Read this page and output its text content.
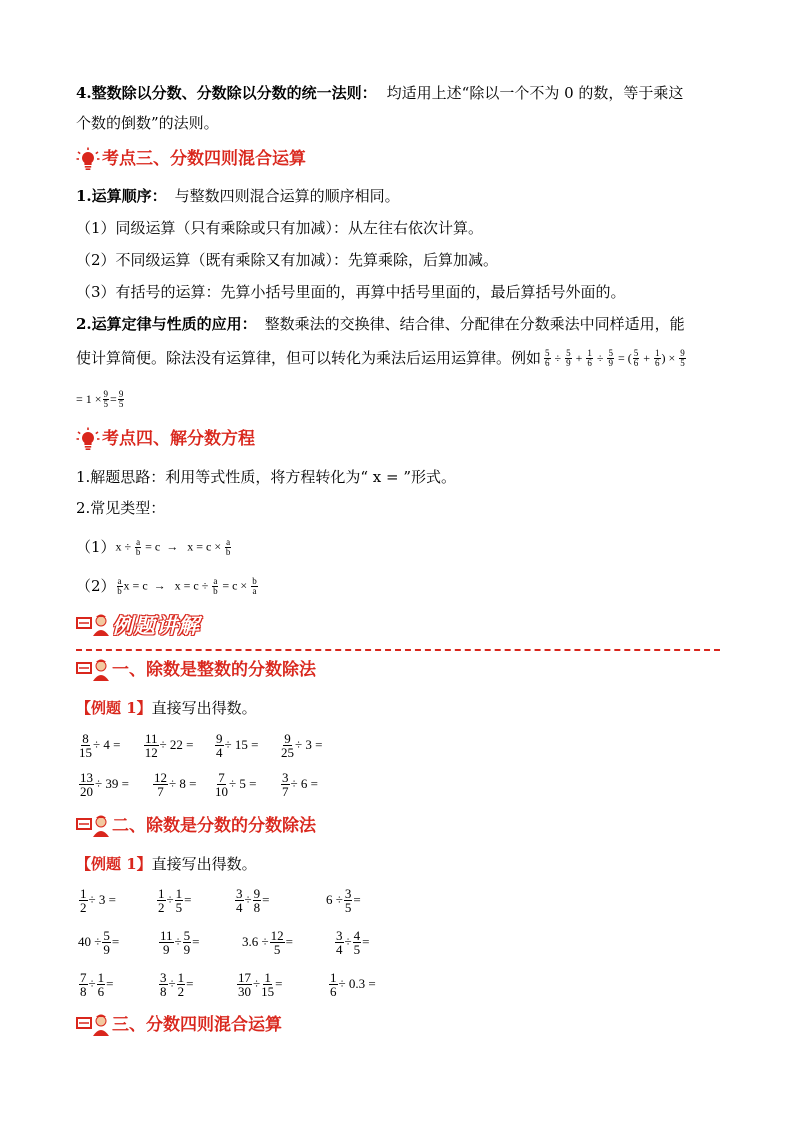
4.整数除以分数、分数除以分数的统一法则： 均适用上述“除以一个不为 0 的数，等于乘这
个数的倒数”的法则。
考点三、分数四则混合运算
1.运算顺序： 与整数四则混合运算的顺序相同。
（1）同级运算（只有乘除或只有加减）：从左往右依次计算。
（2）不同级运算（既有乘除又有加减）：先算乘除，后算加减。
（3）有括号的运算：先算小括号里面的，再算中括号里面的，最后算括号外面的。
2.运算定律与性质的应用： 整数乘法的交换律、结合律、分配律在分数乘法中同样适用，能
使计算简便。除法没有运算律，但可以转化为乘法后运用运算律。例如 $\frac{5}{6} \div \frac{5}{9} + \frac{1}{6} \div \frac{5}{9}$ = ( $\frac{5}{6} + \frac{1}{6}$ ) × $\frac{9}{5}$
= $1 \times \frac{9}{5} = \frac{9}{5}$
考点四、解分数方程
1.解题思路：利用等式性质，将方程转化为“ x = ”形式。
2.常见类型：
（1） $x \div \frac{a}{b} = c \to x = c \times \frac{a}{b}$
$(2) \frac{a}{b}$ $x = c \to x = c \div \frac{a}{b} = c \times \frac{b}{a}$
例题讲解
一、除数是整数的分数除法
【例题 1】直接写出得数。
$\frac{8}{15} \div 4 = \frac{11}{12} \div 22 = \frac{9}{4} \div 15 = \frac{9}{25} \div 3$ =
$\frac{13}{20} \div 39 = \frac{12}{7} \div 8 = \frac{7}{10} \div 5 = \frac{3}{7} \div 6$ =
二、除数是分数的分数除法
【例题 1】直接写出得数。
$\frac{1}{2} \div 3$ =	$\frac{1}{2} \div \frac{1}{5}$ =	$\frac{3}{4} \div \frac{9}{8}$ =	$6 \div \frac{3}{5}$ =
$40 \div \frac{5}{9}$ =	$\frac{11}{9} \div \frac{5}{9}$ =	$3.6 \div \frac{12}{5}$ =	$\frac{3}{4} \div \frac{4}{5}$ =
$\frac{7}{8} \div \frac{1}{6}$ =	$\frac{3}{8} \div \frac{1}{2}$ =	$\frac{17}{30} \div \frac{1}{15}$ =	$\frac{1}{6} \div 0.3$ =
三、分数四则混合运算
